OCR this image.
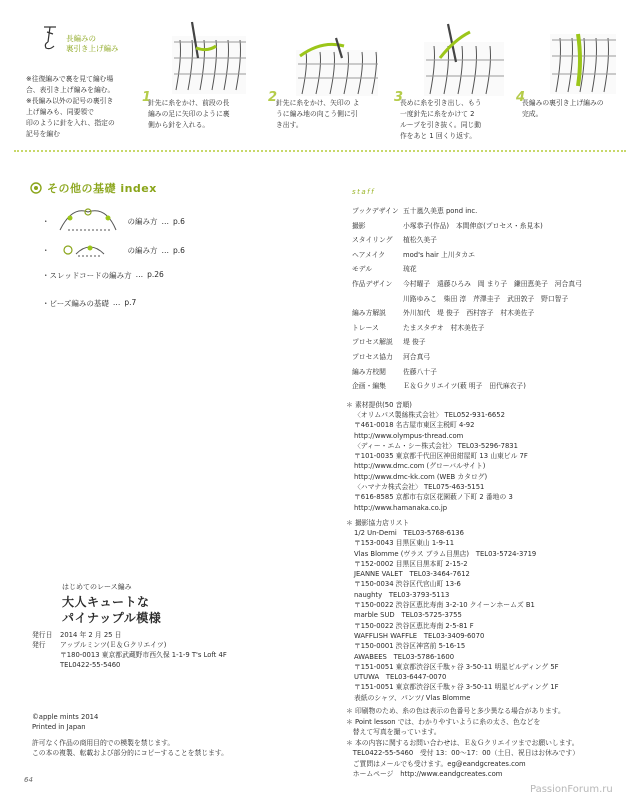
長編みの
裏引き上げ編み
※往復編みで裏を見て編む場
合、表引き上げ編みを編む。
※長編み以外の記号の裏引き
上げ編みも、同要領で
印のように針を入れ、指定の
記号を編む
1
針先に糸をかけ、前段の長
編みの足に矢印のように裏
側から針を入れる。
2
針先に糸をかけ、矢印の よ
うに編み地の向こう側に引
き出す。
3
長めに糸を引き出し、もう
一度針先に糸をかけて 2
ループを引き抜く。同じ動
作をあと 1 回くり返す。
4
長編みの裏引き上げ編みの
完成。
その他の基礎 index
・	の編み方 … p.6
・	の編み方 … p.6
・スレッドコードの編み方 … p.26
・ビーズ編みの基礎 … p.7
staff
ブックデザイン 五十嵐久美恵 pond inc.
撮影	小塚恭子(作品)　本間伸彦(プロセス・糸見本)
スタイリング 植松久美子
ヘアメイク	mod's hair 上川タカエ
モデル	琉花
作品デザイン 今村曜子　遠藤ひろみ　岡 まり子　鎌田恵美子　河合真弓
川路ゆみこ　柴田 淳　芹澤圭子　武田敦子　野口智子
編み方解説	外川加代　堤 俊子　西村容子　村木美佐子
トレース	たまスタヂオ　村木美佐子
プロセス解説 堤 俊子
プロセス協力 河合真弓
編み方校閲	佐藤八十子
企画・編集	Ｅ＆Ｇクリエイツ(薮 明子　田代麻衣子)
＊ 素材提供(50 音順)
〈オリムパス製絲株式会社〉 TEL052-931-6652
〒461-0018 名古屋市東区主税町 4-92
http://www.olympus-thread.com
〈ディー・エム・シー株式会社〉 TEL03-5296-7831
〒101-0035 東京都千代田区神田紺屋町 13 山東ビル 7F
http://www.dmc.com (グローバルサイト)
http://www.dmc-kk.com (WEB カタログ)
〈ハマナカ株式会社〉 TEL075-463-5151
〒616-8585 京都市右京区花園薮ノ下町 2 番地の 3
http://www.hamanaka.co.jp
＊ 撮影協力店リスト
1/2 Un-Demi　TEL03-5768-6136
〒153-0043 目黒区東山 1-9-11
Vlas Blomme (ヴラス ブラム目黒店)　TEL03-5724-3719
〒152-0002 目黒区目黒本町 2-15-2
JEANNE VALET　TEL03-3464-7612
〒150-0034 渋谷区代官山町 13-6
naughty　TEL03-3793-5113
〒150-0022 渋谷区恵比寿南 3-2-10 クイーンホームズ B1
marble SUD　TEL03-5725-3755
〒150-0022 渋谷区恵比寿南 2-5-81 F
WAFFLISH WAFFLE　TEL03-3409-6070
〒150-0001 渋谷区神宮前 5-16-15
AWABEES　TEL03-5786-1600
〒151-0051 東京都渋谷区千駄ヶ谷 3-50-11 明星ビルディング 5F
UTUWA　TEL03-6447-0070
〒151-0051 東京都渋谷区千駄ヶ谷 3-50-11 明星ビルディング 1F
表紙のシャツ、パンツ/ Vlas Blomme
＊ 印刷物のため、糸の色は表示の色番号と多少異なる場合があります。
＊ Point lesson では、わかりやすいように糸の太さ、色などを
　替えて写真を撮っています。
＊ 本の内容に関するお問い合わせは、Ｅ＆Ｇクリエイツまでお願いします。
　TEL0422-55-5460　受付 13：00～17：00（土日、祝日はお休みです）
　ご質問はメールでも受けます。eg@eandgcreates.com
　ホームページ　http://www.eandgcreates.com
はじめてのレース編み
大人キュートな
パイナップル模様
発行日 2014 年 2 月 25 日
発行 アップルミンツ(Ｅ＆Ｇクリエイツ)
〒180-0013 東京都武蔵野市西久保 1-1-9 T's Loft 4F
TEL0422-55-5460
©apple mints 2014
Printed in Japan
許可なく作品の商用目的での模製を禁じます。
この本の複製、転載および部分的にコピーすることを禁じます。
64
PassionForum.ru
